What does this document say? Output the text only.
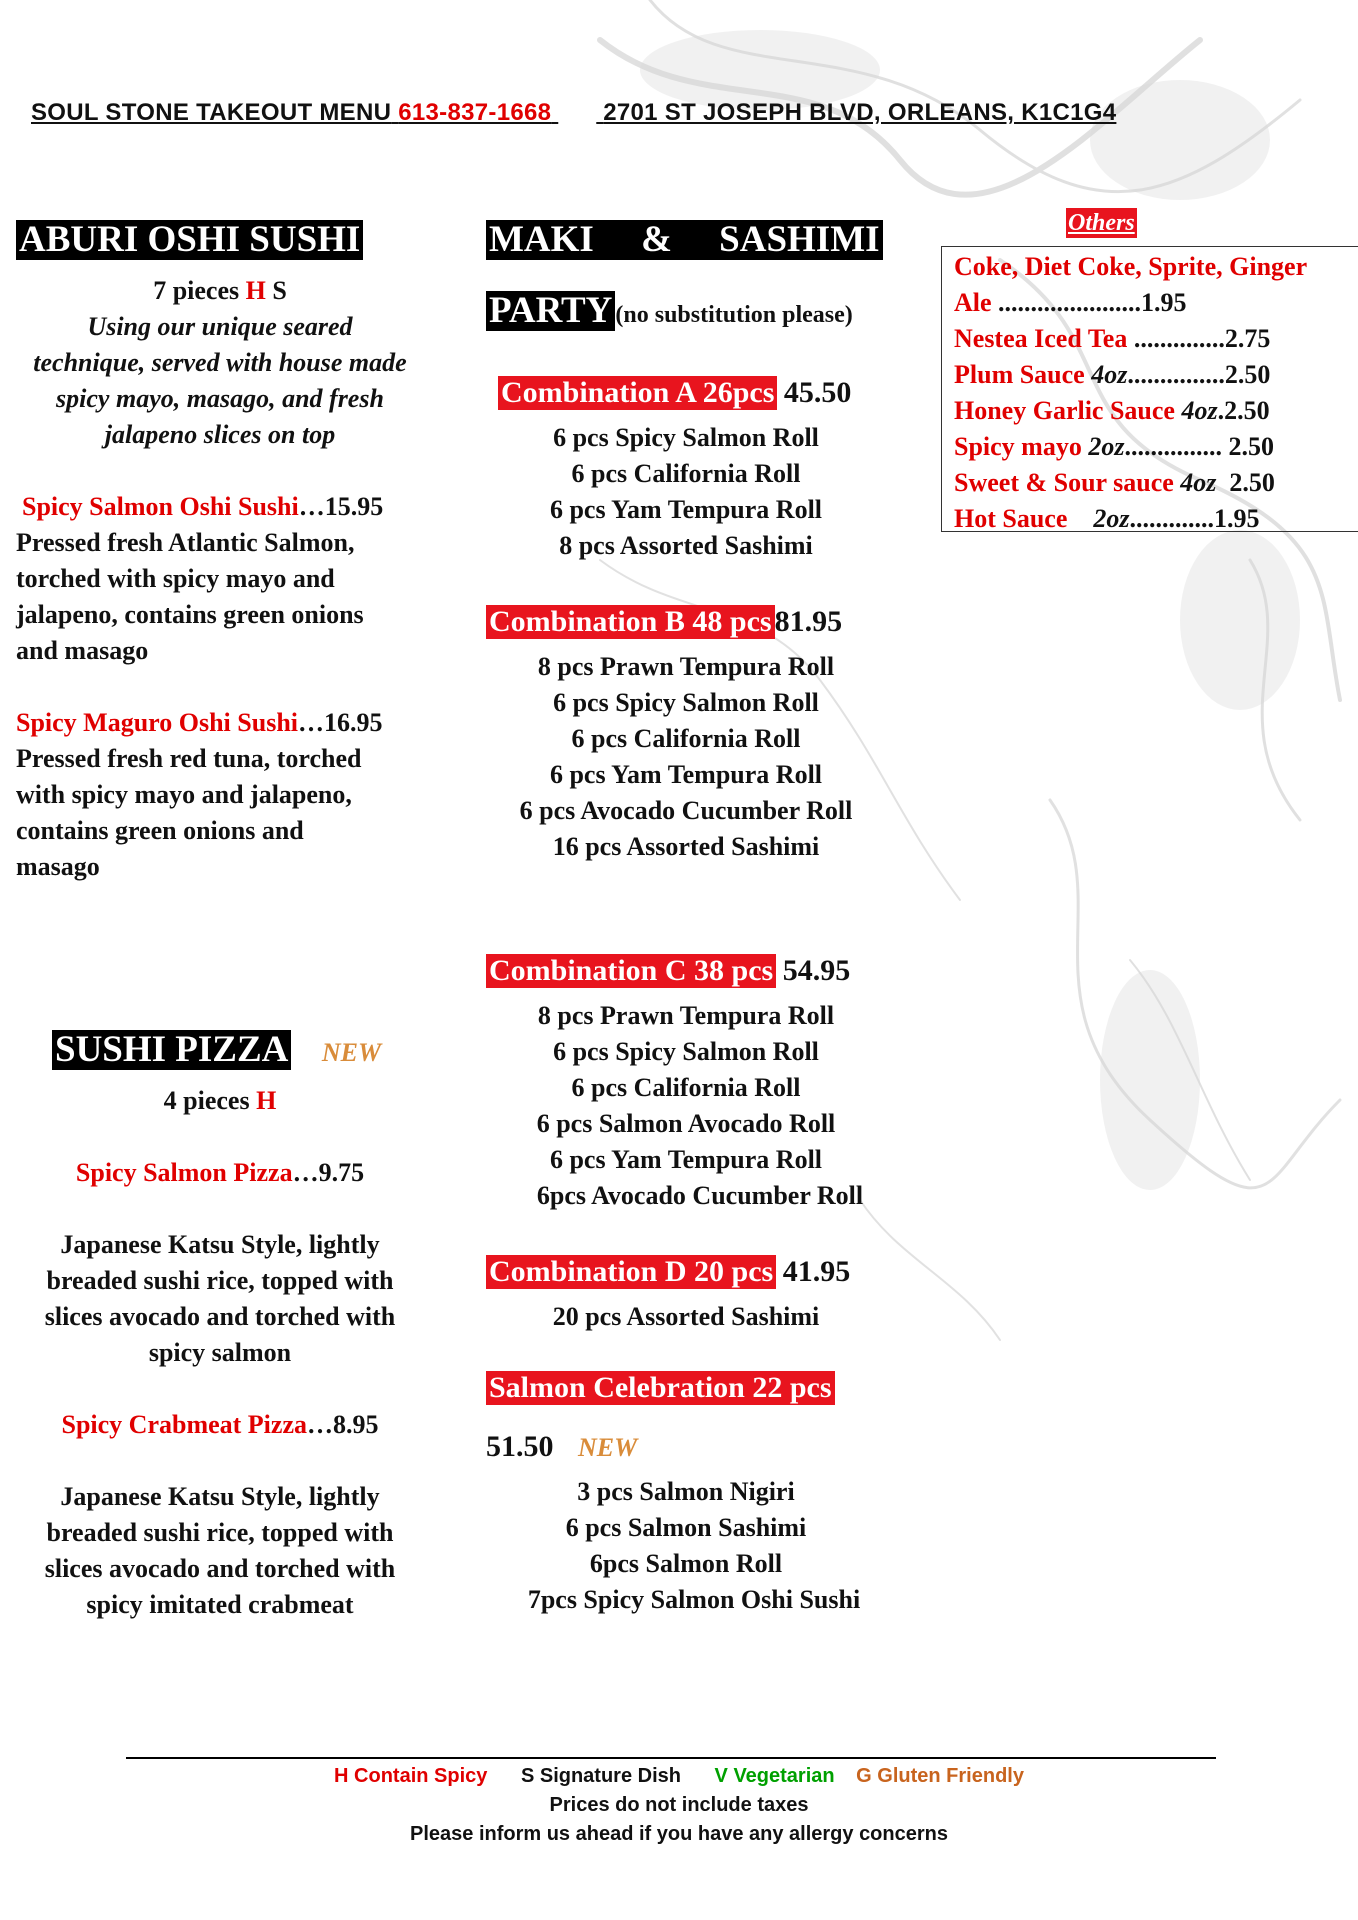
SOUL STONE TAKEOUT MENU 613-837-1668 2701 ST JOSEPH BLVD, ORLEANS, K1C1G4
ABURI OSHI SUSHI
7 pieces H S
Using our unique seared
technique, served with house made
spicy mayo, masago, and fresh
jalapeno slices on top
Spicy Salmon Oshi Sushi…15.95
Pressed fresh Atlantic Salmon,
torched with spicy mayo and
jalapeno, contains green onions
and masago
Spicy Maguro Oshi Sushi…16.95
Pressed fresh red tuna, torched
with spicy mayo and jalapeno,
contains green onions and
masago
SUSHI PIZZA NEW
4 pieces H
Spicy Salmon Pizza…9.75
Japanese Katsu Style, lightly
breaded sushi rice, topped with
slices avocado and torched with
spicy salmon
Spicy Crabmeat Pizza…8.95
Japanese Katsu Style, lightly
breaded sushi rice, topped with
slices avocado and torched with
spicy imitated crabmeat
MAKI & SASHIMI
PARTY (no substitution please)
Combination A 26pcs 45.50
6 pcs Spicy Salmon Roll
6 pcs California Roll
6 pcs Yam Tempura Roll
8 pcs Assorted Sashimi
Combination B 48 pcs 81.95
8 pcs Prawn Tempura Roll
6 pcs Spicy Salmon Roll
6 pcs California Roll
6 pcs Yam Tempura Roll
6 pcs Avocado Cucumber Roll
16 pcs Assorted Sashimi
Combination C 38 pcs 54.95
8 pcs Prawn Tempura Roll
6 pcs Spicy Salmon Roll
6 pcs California Roll
6 pcs Salmon Avocado Roll
6 pcs Yam Tempura Roll
6pcs Avocado Cucumber Roll
Combination D 20 pcs 41.95
20 pcs Assorted Sashimi
Salmon Celebration 22 pcs
51.50 NEW
3 pcs Salmon Nigiri
6 pcs Salmon Sashimi
6pcs Salmon Roll
7pcs Spicy Salmon Oshi Sushi
Others
Coke, Diet Coke, Sprite, Ginger
Ale ......................1.95
Nestea Iced Tea ..............2.75
Plum Sauce 4oz...............2.50
Honey Garlic Sauce 4oz.2.50
Spicy mayo 2oz............... 2.50
Sweet & Sour sauce 4oz 2.50
Hot Sauce    2oz.............1.95
H Contain Spicy S Signature Dish V Vegetarian G Gluten Friendly
Prices do not include taxes
Please inform us ahead if you have any allergy concerns
